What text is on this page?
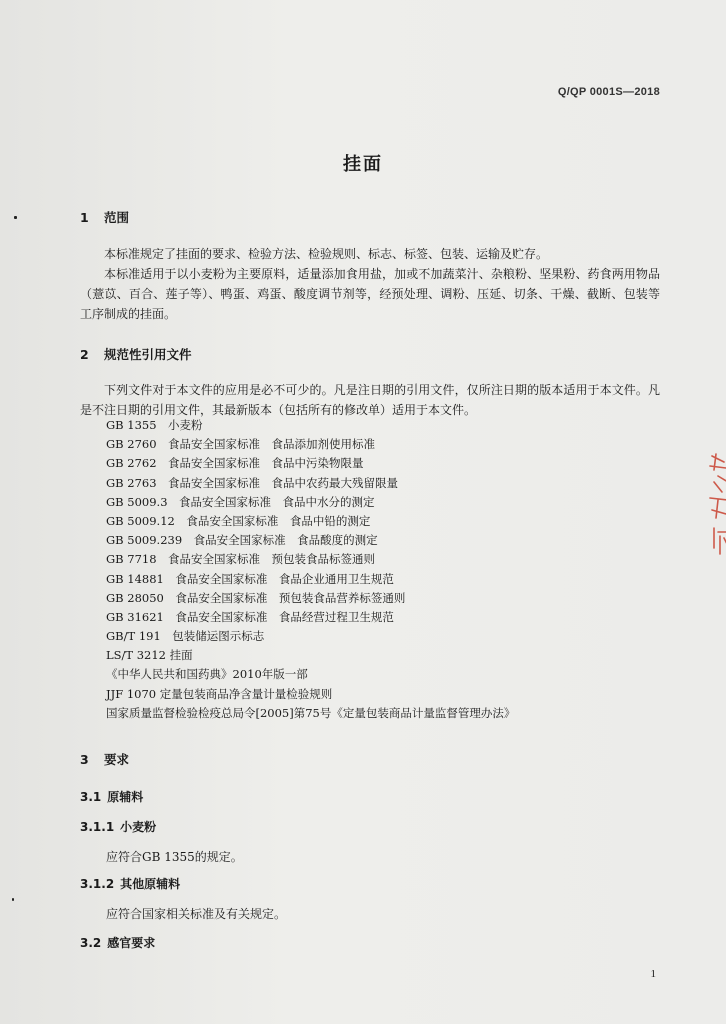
Q/QP 0001S—2018
挂面
1 范围

本标准规定了挂面的要求、检验方法、检验规则、标志、标签、包装、运输及贮存。

本标准适用于以小麦粉为主要原料，适量添加食用盐，加或不加蔬菜汁、杂粮粉、坚果粉、药食两用物品（薏苡、百合、莲子等）、鸭蛋、鸡蛋、酸度调节剂等，经预处理、调粉、压延、切条、干燥、截断、包装等工序制成的挂面。

2 规范性引用文件

下列文件对于本文件的应用是必不可少的。凡是注日期的引用文件，仅所注日期的版本适用于本文件。凡是不注日期的引用文件，其最新版本（包括所有的修改单）适用于本文件。

GB 1355　小麦粉
GB 2760　食品安全国家标准　食品添加剂使用标准
GB 2762　食品安全国家标准　食品中污染物限量
GB 2763　食品安全国家标准　食品中农药最大残留限量
GB 5009.3　食品安全国家标准　食品中水分的测定
GB 5009.12　食品安全国家标准　食品中铅的测定
GB 5009.239　食品安全国家标准　食品酸度的测定
GB 7718　食品安全国家标准　预包装食品标签通则
GB 14881　食品安全国家标准　食品企业通用卫生规范
GB 28050　食品安全国家标准　预包装食品营养标签通则
GB 31621　食品安全国家标准　食品经营过程卫生规范
GB/T 191　包装储运图示标志
LS/T 3212 挂面
《中华人民共和国药典》2010年版一部
JJF 1070 定量包装商品净含量计量检验规则
国家质量监督检验检疫总局令[2005]第75号《定量包装商品计量监督管理办法》
3 要求
3.1 原辅料
3.1.1 小麦粉
应符合GB 1355的规定。
3.1.2 其他原辅料
应符合国家相关标准及有关规定。
3.2 感官要求
1
